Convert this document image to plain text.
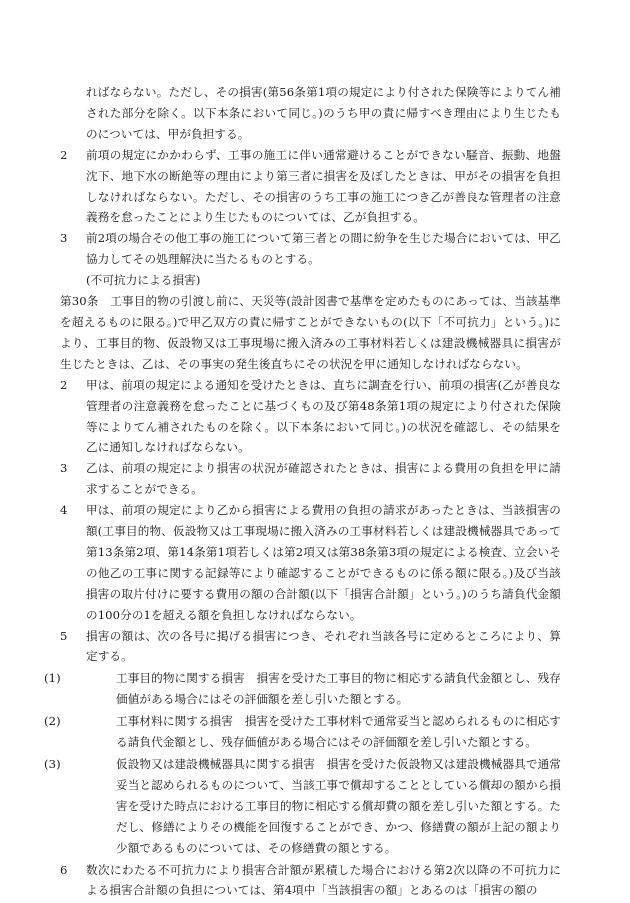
ればならない。ただし、その損害(第56条第1項の規定により付された保険等によりてん補された部分を除く。以下本条において同じ。)のうち甲の責に帰すべき理由により生じたものについては、甲が負担する。

2 前項の規定にかかわらず、工事の施工に伴い通常避けることができない騒音、振動、地盤沈下、地下水の断絶等の理由により第三者に損害を及ぼしたときは、甲がその損害を負担しなければならない。ただし、その損害のうち工事の施工につき乙が善良な管理者の注意義務を怠ったことにより生じたものについては、乙が負担する。

3 前2項の場合その他工事の施工について第三者との間に紛争を生じた場合においては、甲乙協力してその処理解決に当たるものとする。

(不可抗力による損害)

第30条　工事目的物の引渡し前に、天災等(設計図書で基準を定めたものにあっては、当該基準を超えるものに限る。)で甲乙双方の責に帰すことができないもの(以下「不可抗力」という。)により、工事目的物、仮設物又は工事現場に搬入済みの工事材料若しくは建設機械器具に損害が生じたときは、乙は、その事実の発生後直ちにその状況を甲に通知しなければならない。

2 甲は、前項の規定による通知を受けたときは、直ちに調査を行い、前項の損害(乙が善良な管理者の注意義務を怠ったことに基づくもの及び第48条第1項の規定により付された保険等によりてん補されたものを除く。以下本条において同じ。)の状況を確認し、その結果を乙に通知しなければならない。

3 乙は、前項の規定により損害の状況が確認されたときは、損害による費用の負担を甲に請求することができる。

4 甲は、前項の規定により乙から損害による費用の負担の請求があったときは、当該損害の額(工事目的物、仮設物又は工事現場に搬入済みの工事材料若しくは建設機械器具であって第13条第2項、第14条第1項若しくは第2項又は第38条第3項の規定による検査、立会いその他乙の工事に関する記録等により確認することができるものに係る額に限る。)及び当該損害の取片付けに要する費用の額の合計額(以下「損害合計額」という。)のうち請負代金額の100分の1を超える額を負担しなければならない。

5 損害の額は、次の各号に掲げる損害につき、それぞれ当該各号に定めるところにより、算定する。

(1)	工事目的物に関する損害　損害を受けた工事目的物に相応する請負代金額とし、残存価値がある場合にはその評価額を差し引いた額とする。

(2)	工事材料に関する損害　損害を受けた工事材料で通常妥当と認められるものに相応する請負代金額とし、残存価値がある場合にはその評価額を差し引いた額とする。

(3)	仮設物又は建設機械器具に関する損害　損害を受けた仮設物又は建設機械器具で通常妥当と認められるものについて、当該工事で償却することとしている償却の額から損害を受けた時点における工事目的物に相応する償却費の額を差し引いた額とする。ただし、修繕によりその機能を回復することができ、かつ、修繕費の額が上記の額より少額であるものについては、その修繕費の額とする。

6 数次にわたる不可抗力により損害合計額が累積した場合における第2次以降の不可抗力による損害合計額の負担については、第4項中「当該損害の額」とあるのは「損害の額の
